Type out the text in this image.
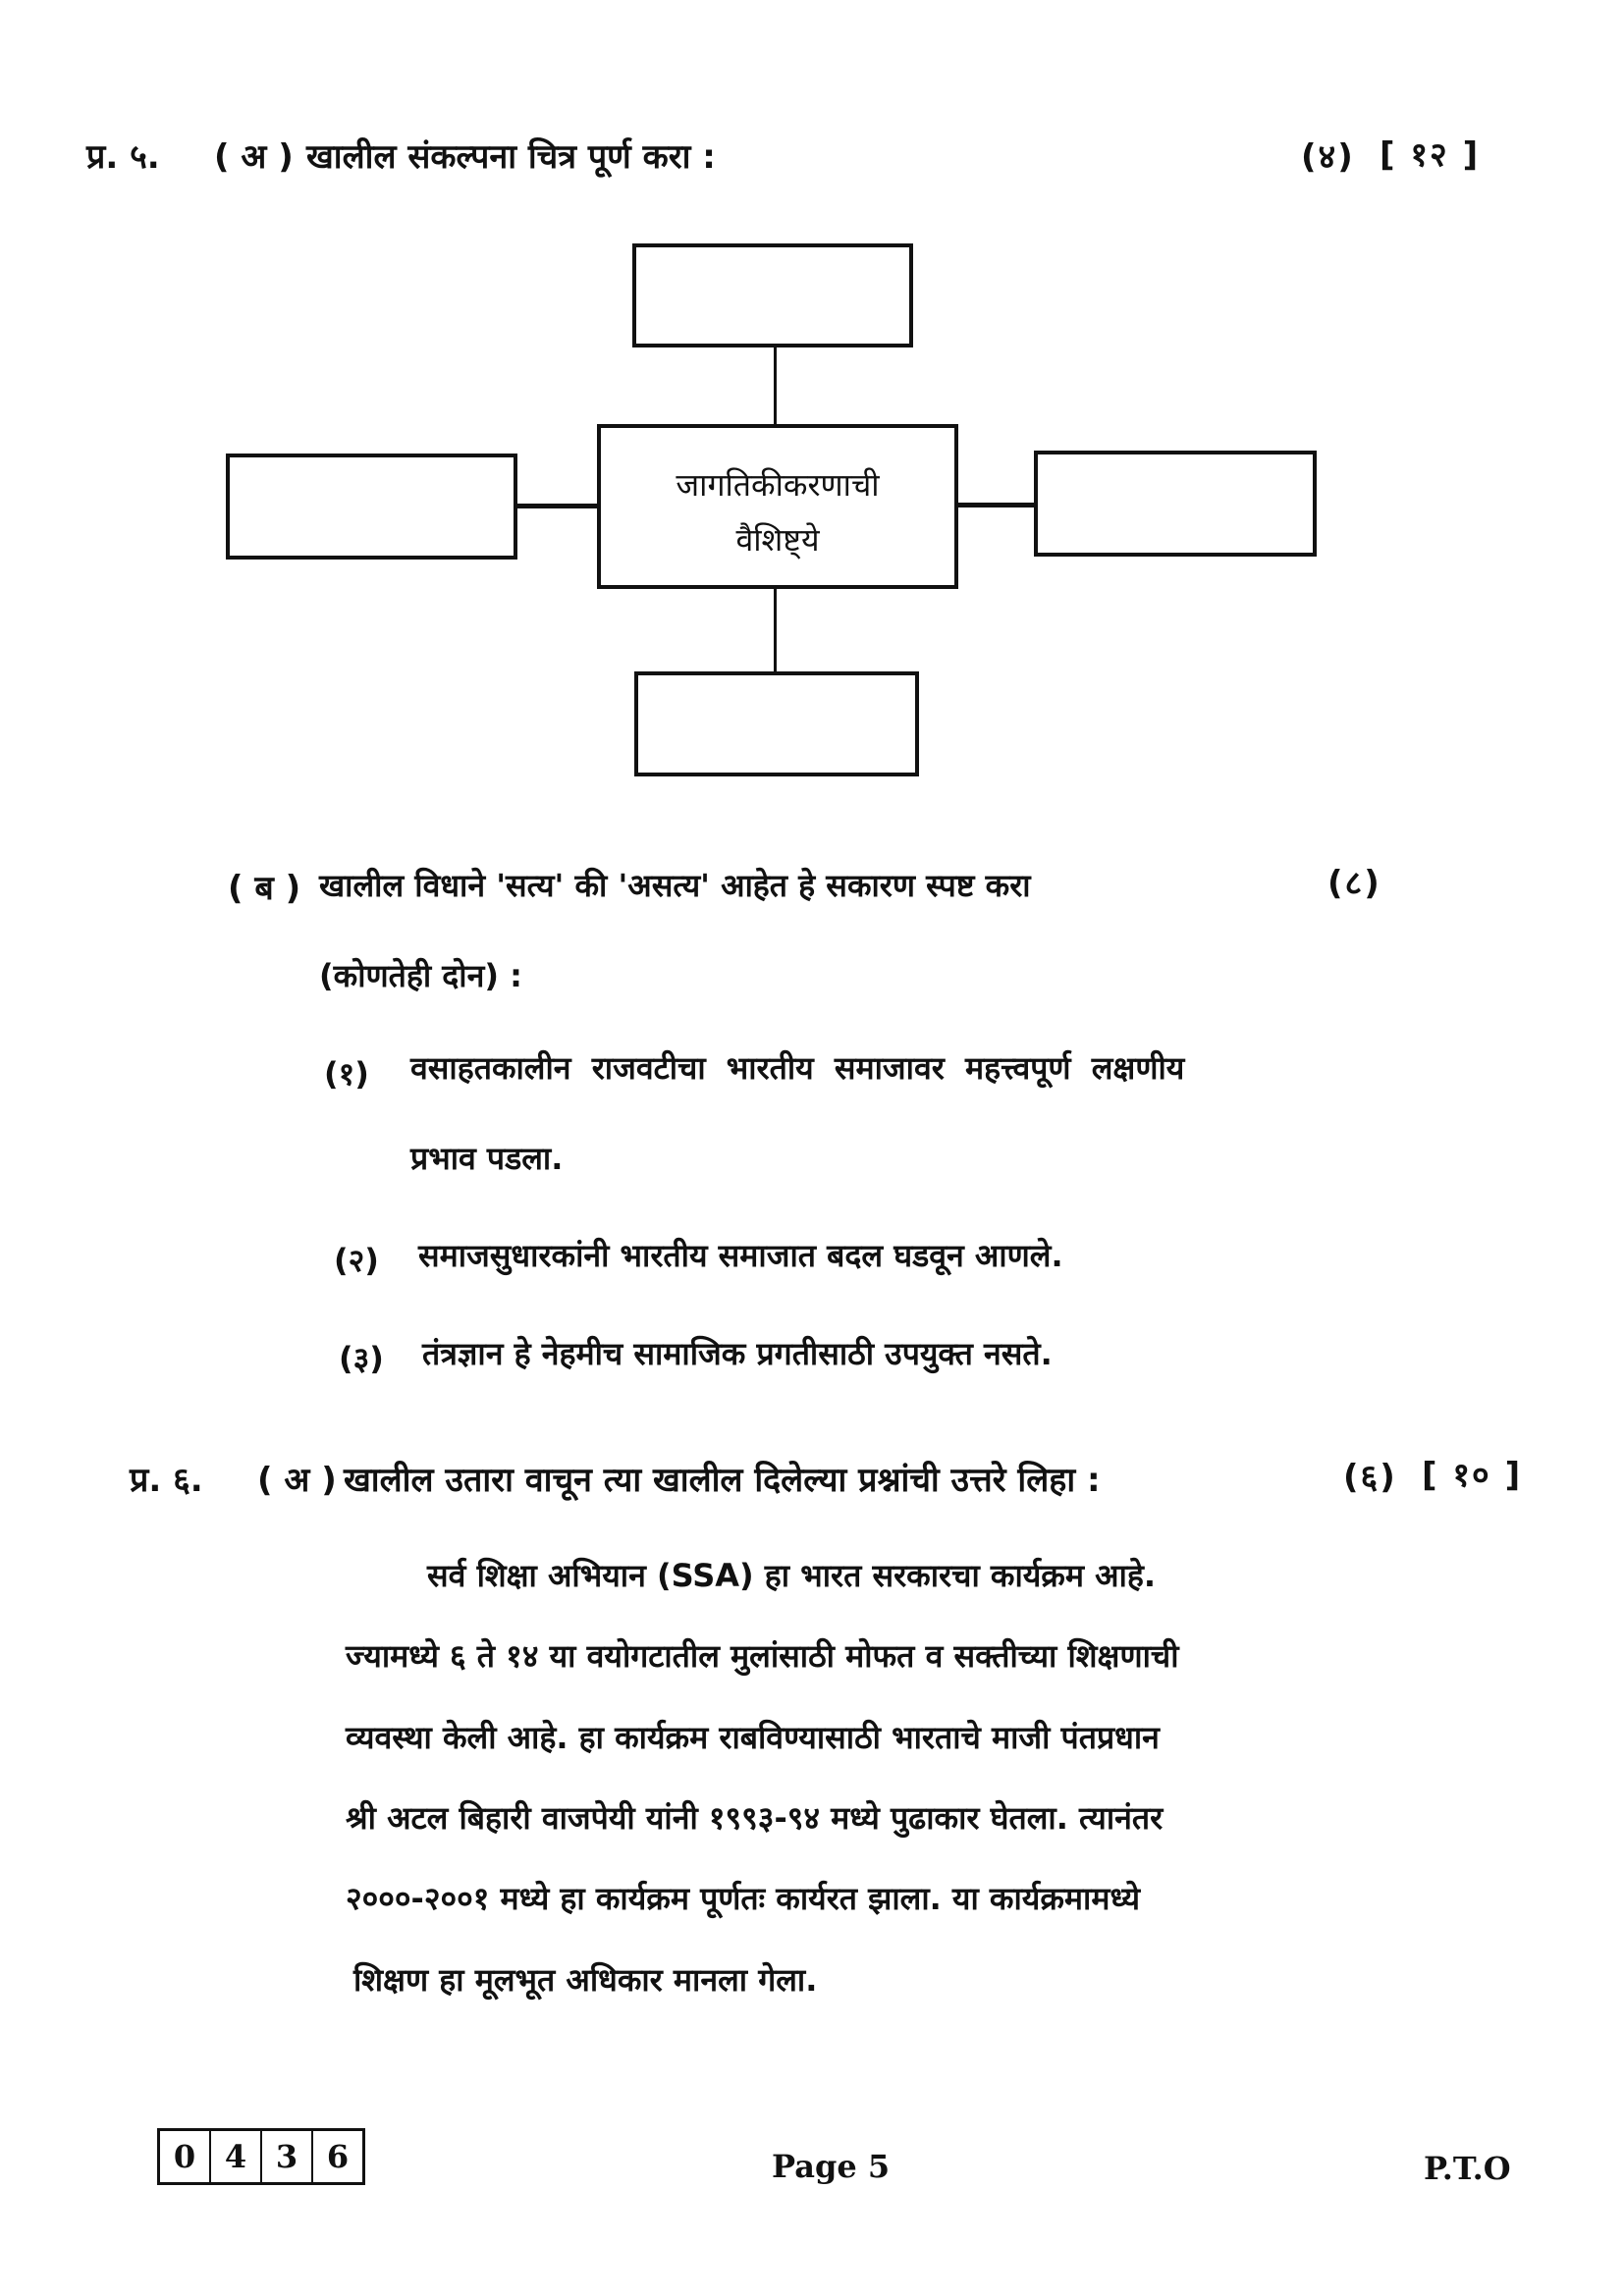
प्र. ५. ( अ ) खालील संकल्पना चित्र पूर्ण करा :	(४) [ १२ ]
जागतिकीकरणाची
वैशिष्ट्ये
( ब ) खालील विधाने 'सत्य' की 'असत्य' आहेत हे सकारण स्पष्ट करा	(८)
(कोणतेही दोन) :
(१) वसाहतकालीन राजवटीचा भारतीय समाजावर महत्त्वपूर्ण लक्षणीय
प्रभाव पडला.
(२) समाजसुधारकांनी भारतीय समाजात बदल घडवून आणले.
(३) तंत्रज्ञान हे नेहमीच सामाजिक प्रगतीसाठी उपयुक्त नसते.
प्र. ६. ( अ ) खालील उतारा वाचून त्या खालील दिलेल्या प्रश्नांची उत्तरे लिहा :	(६) [ १० ]
सर्व शिक्षा अभियान (SSA) हा भारत सरकारचा कार्यक्रम आहे.
ज्यामध्ये ६ ते १४ या वयोगटातील मुलांसाठी मोफत व सक्तीच्या शिक्षणाची
व्यवस्था केली आहे. हा कार्यक्रम राबविण्यासाठी भारताचे माजी पंतप्रधान
श्री अटल बिहारी वाजपेयी यांनी १९९३-९४ मध्ये पुढाकार घेतला. त्यानंतर
२०००-२००१ मध्ये हा कार्यक्रम पूर्णतः कार्यरत झाला. या कार्यक्रमामध्ये
शिक्षण हा मूलभूत अधिकार मानला गेला.
0 4 3 6	Page 5	P.T.O
